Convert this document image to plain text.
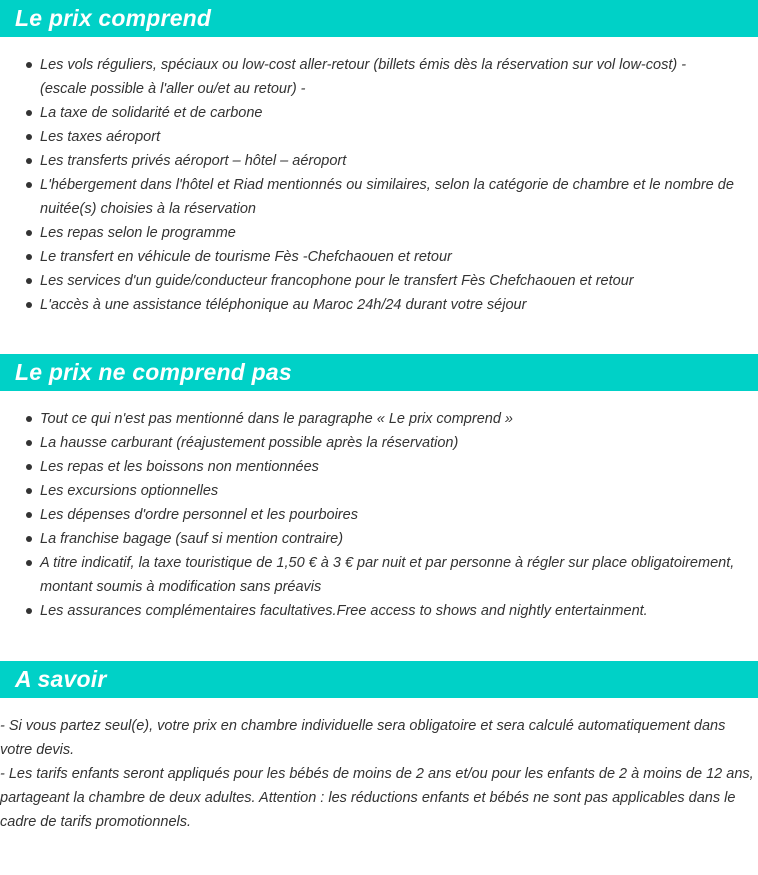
Le prix comprend
Les vols réguliers, spéciaux ou low-cost aller-retour (billets émis dès la réservation sur vol low-cost) - (escale possible à l'aller ou/et au retour) -
La taxe de solidarité et de carbone
Les taxes aéroport
Les transferts privés aéroport – hôtel – aéroport
L'hébergement dans l'hôtel et Riad mentionnés ou similaires, selon la catégorie de chambre et le nombre de nuitée(s) choisies à la réservation
Les repas selon le programme
Le transfert en véhicule de tourisme Fès -Chefchaouen et retour
Les services d'un guide/conducteur francophone pour le transfert Fès Chefchaouen et retour
L'accès à une assistance téléphonique au Maroc 24h/24 durant votre séjour
Le prix ne comprend pas
Tout ce qui n'est pas mentionné dans le paragraphe « Le prix comprend »
La hausse carburant (réajustement possible après la réservation)
Les repas et les boissons non mentionnées
Les excursions optionnelles
Les dépenses d'ordre personnel et les pourboires
La franchise bagage (sauf si mention contraire)
A titre indicatif, la taxe touristique de 1,50 € à 3 € par nuit et par personne à régler sur place obligatoirement, montant soumis à modification sans préavis
Les assurances complémentaires facultatives.Free access to shows and nightly entertainment.
A savoir

- Si vous partez seul(e), votre prix en chambre individuelle sera obligatoire et sera calculé automatiquement dans votre devis.

- Les tarifs enfants seront appliqués pour les bébés de moins de 2 ans et/ou pour les enfants de 2 à moins de 12 ans, partageant la chambre de deux adultes. Attention : les réductions enfants et bébés ne sont pas applicables dans le cadre de tarifs promotionnels.
